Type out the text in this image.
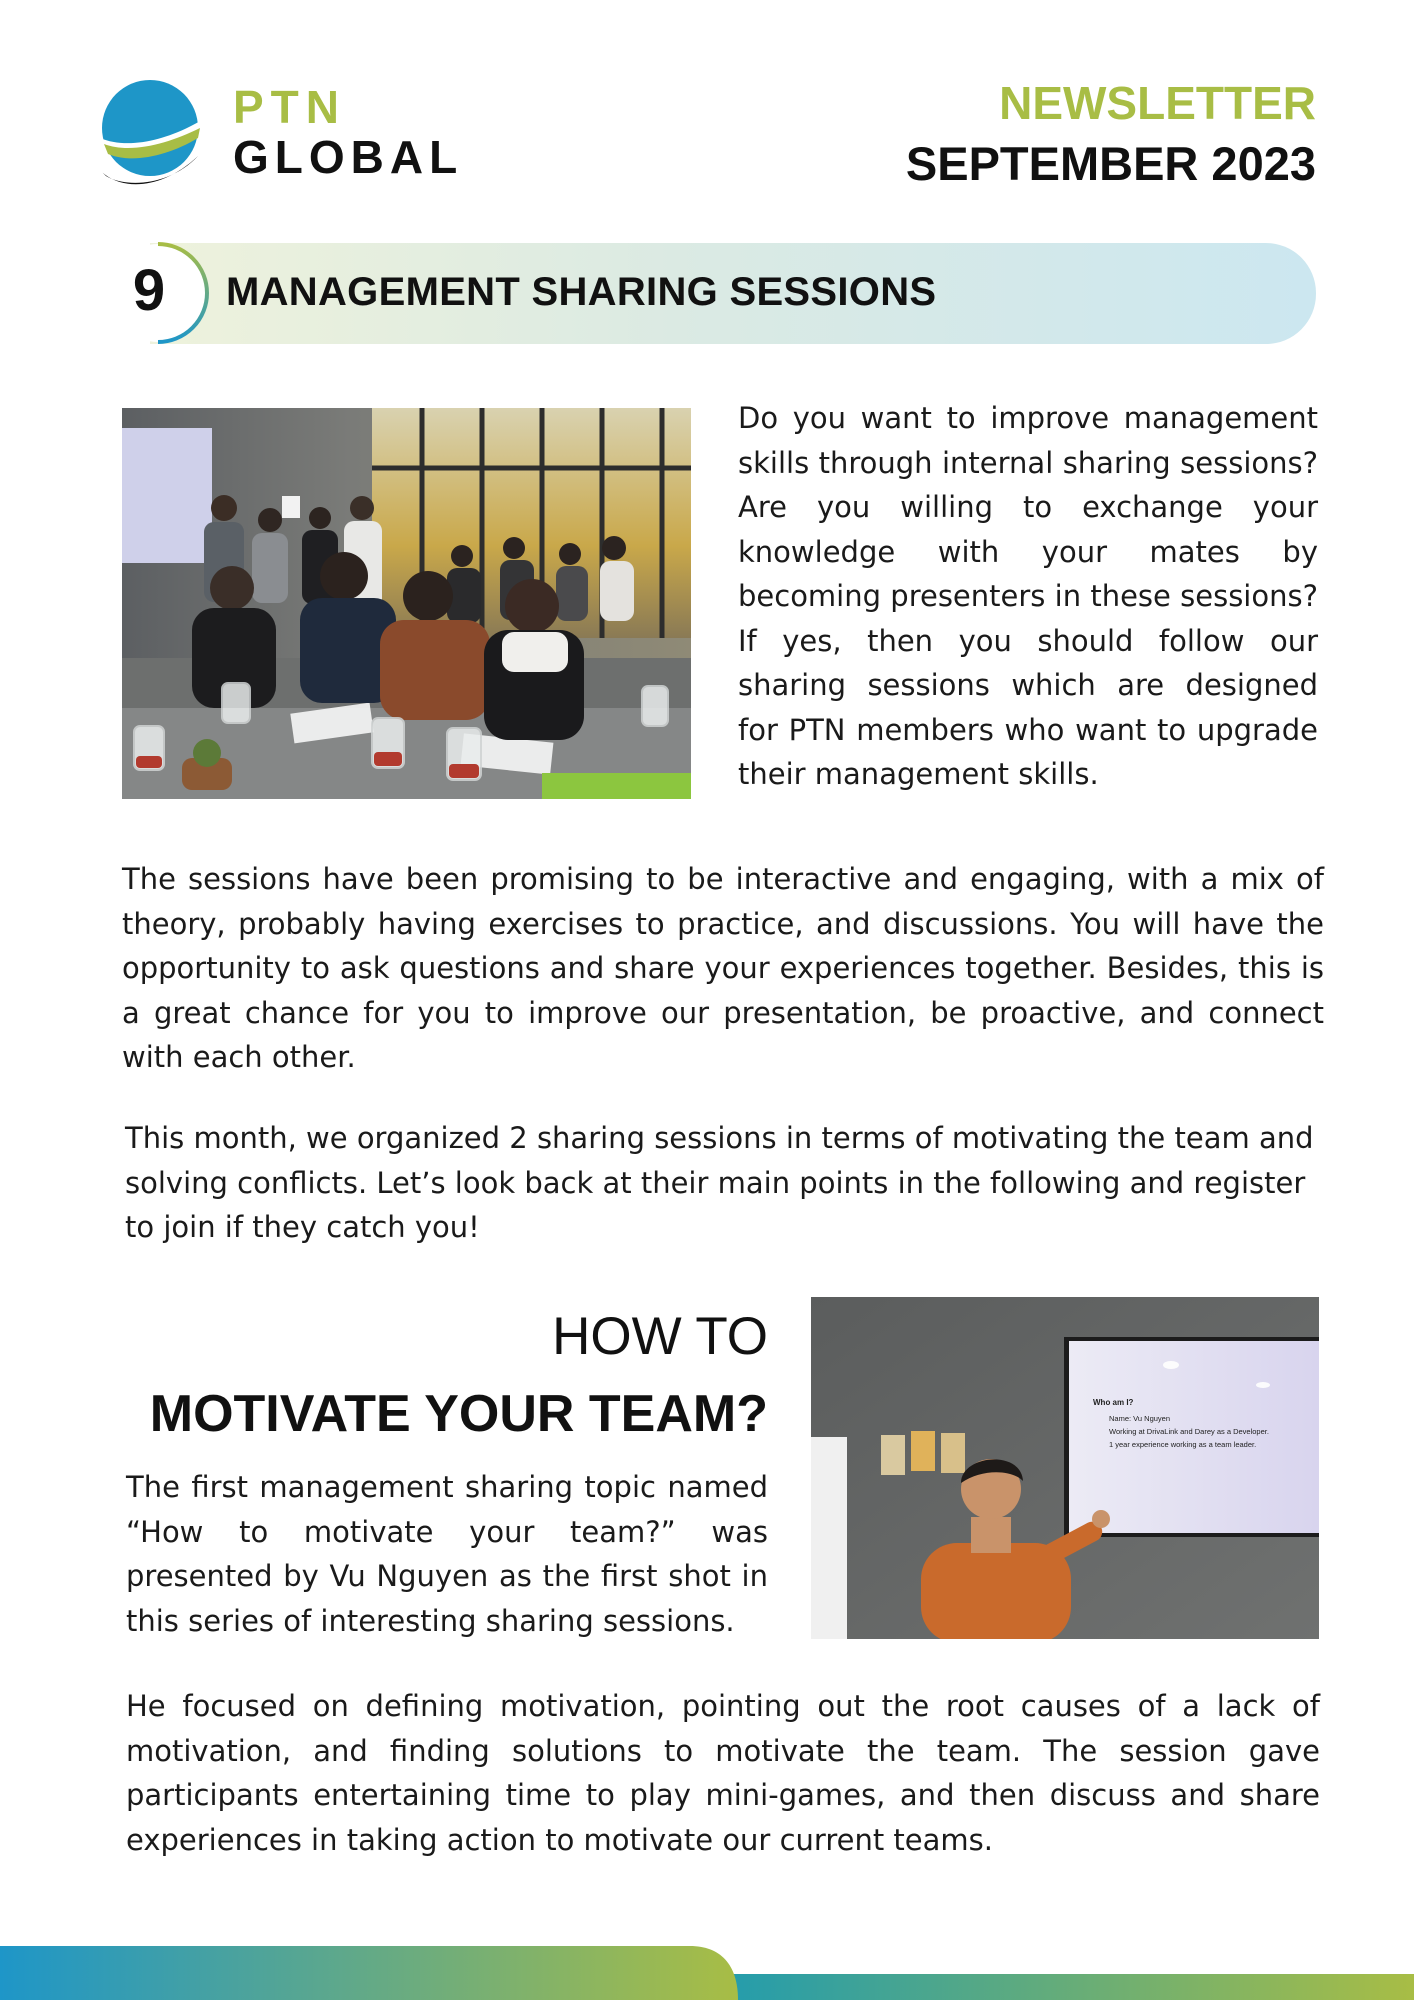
PTN
GLOBAL
NEWSLETTER
SEPTEMBER 2023
9	MANAGEMENT SHARING SESSIONS

Do you want to improve management skills through internal sharing sessions? Are you willing to exchange your knowledge with your mates by becoming presenters in these sessions? If yes, then you should follow our sharing sessions which are designed for PTN members who want to upgrade their management skills.

The sessions have been promising to be interactive and engaging, with a mix of theory, probably having exercises to practice, and discussions. You will have the opportunity to ask questions and share your experiences together. Besides, this is a great chance for you to improve our presentation, be proactive, and connect with each other.

This month, we organized 2 sharing sessions in terms of motivating the team and solving conflicts. Let’s look back at their main points in the following and register to join if they catch you!

HOW TO
MOTIVATE YOUR TEAM?

The first management sharing topic named “How to motivate your team?” was presented by Vu Nguyen as the first shot in this series of interesting sharing sessions.

Who am I?
Name: Vu Nguyen
Working at DrivaLink and Darey as a Developer.
1 year experience working as a team leader.

He focused on defining motivation, pointing out the root causes of a lack of motivation, and finding solutions to motivate the team. The session gave participants entertaining time to play mini-games, and then discuss and share experiences in taking action to motivate our current teams.
